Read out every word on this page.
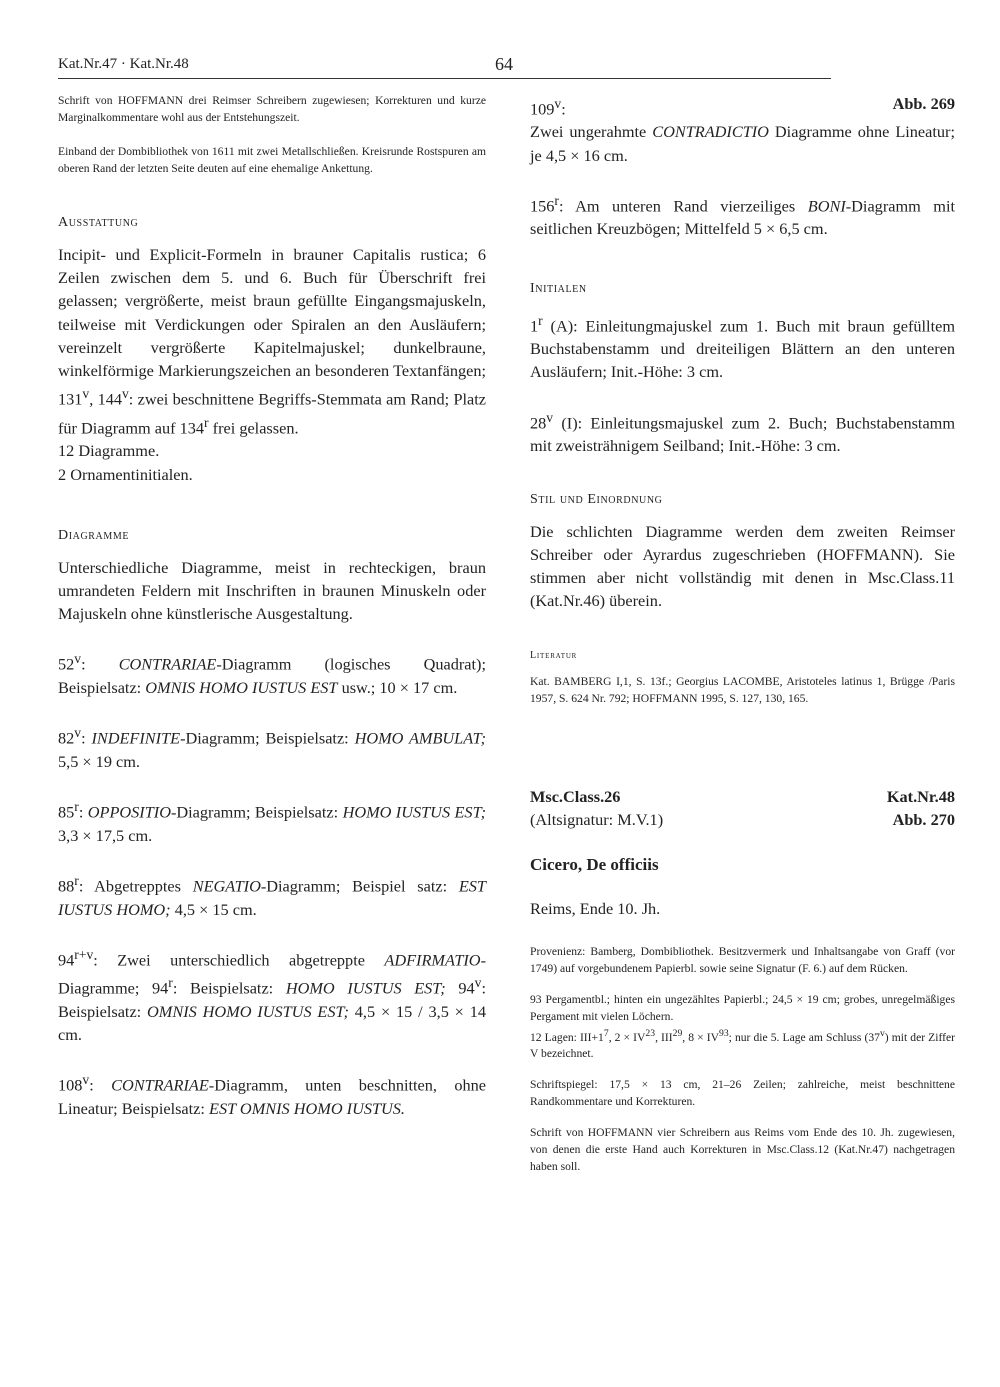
Kat.Nr.47 · Kat.Nr.48	64

Schrift von HOFFMANN drei Reimser Schreibern zugewiesen; Korrekturen und kurze Marginalkommentare wohl aus der Entstehungszeit.

Einband der Dombibliothek von 1611 mit zwei Metallschließen. Kreisrunde Rostspuren am oberen Rand der letzten Seite deuten auf eine ehemalige Ankettung.

Ausstattung

Incipit- und Explicit-Formeln in brauner Capitalis rustica; 6 Zeilen zwischen dem 5. und 6. Buch für Überschrift frei gelassen; vergrößerte, meist braun gefüllte Eingangsmajuskeln, teilweise mit Verdickungen oder Spiralen an den Ausläufern; vereinzelt vergrößerte Kapitelmajuskel; dunkelbraune, winkelförmige Markierungszeichen an besonderen Textanfängen; 131$^v$, 144$^v$: zwei beschnittene Begriffs-Stemmata am Rand; Platz für Diagramm auf 134$^r$ frei gelassen.

12 Diagramme.

2 Ornamentinitialen.

Diagramme

Unterschiedliche Diagramme, meist in rechteckigen, braun umrandeten Feldern mit Inschriften in braunen Minuskeln oder Majuskeln ohne künstlerische Ausgestaltung.

52$^v$: CONTRARIAE-Diagramm (logisches Quadrat); Beispielsatz: OMNIS HOMO IUSTUS EST usw.; 10 × 17 cm.

82$^v$: INDEFINITE-Diagramm; Beispielsatz: HOMO AMBULAT; 5,5 × 19 cm.

85$^r$: OPPOSITIO-Diagramm; Beispielsatz: HOMO IUSTUS EST; 3,3 × 17,5 cm.

88$^r$: Abgetrepptes NEGATIO-Diagramm; Beispiel satz: EST IUSTUS HOMO; 4,5 × 15 cm.

$94^{r+v}$: Zwei unterschiedlich abgetreppte ADFIRMATIO-Diagramme; 94$^r$: Beispielsatz: HOMO IUSTUS EST; 94$^v$: Beispielsatz: OMNIS HOMO IUSTUS EST; 4,5 × 15 / 3,5 × 14 cm.

108$^v$: CONTRARIAE-Diagramm, unten beschnitten, ohne Lineatur; Beispielsatz: EST OMNIS HOMO IUSTUS.

109$^v$:	Abb. 269

Zwei ungerahmte CONTRADICTIO Diagramme ohne Lineatur; je 4,5 × 16 cm.

156$^r$: Am unteren Rand vierzeiliges BONI-Diagramm mit seitlichen Kreuzbögen; Mittelfeld 5 × 6,5 cm.

Initialen

1$^r$ (A): Einleitungmajuskel zum 1. Buch mit braun gefülltem Buchstabenstamm und dreiteiligen Blättern an den unteren Ausläufern; Init.-Höhe: 3 cm.

28$^v$ (I): Einleitungsmajuskel zum 2. Buch; Buchstabenstamm mit zweisträhnigem Seilband; Init.-Höhe: 3 cm.

Stil und Einordnung

Die schlichten Diagramme werden dem zweiten Reimser Schreiber oder Ayrardus zugeschrieben (HOFFMANN). Sie stimmen aber nicht vollständig mit denen in Msc.Class.11 (Kat.Nr.46) überein.

Literatur

Kat. BAMBERG I,1, S. 13f.; Georgius LACOMBE, Aristoteles latinus 1, Brügge /Paris 1957, S. 624 Nr. 792; HOFFMANN 1995, S. 127, 130, 165.

Msc.Class.26	Kat.Nr.48
(Altsignatur: M.V.1)	Abb. 270

Cicero, De officiis

Reims, Ende 10. Jh.

Provenienz: Bamberg, Dombibliothek. Besitzvermerk und Inhaltsangabe von Graff (vor 1749) auf vorgebundenem Papierbl. sowie seine Signatur (F. 6.) auf dem Rücken.

93 Pergamentbl.; hinten ein ungezähltes Papierbl.; 24,5 × 19 cm; grobes, unregelmäßiges Pergament mit vielen Löchern.

12 Lagen: $III+1^7$, $2 \times IV^{23}$, III$^{29}$, $8 \times IV^{93}$; nur die 5. Lage am Schluss (37$^v$) mit der Ziffer V bezeichnet.

Schriftspiegel: 17,5 × 13 cm, 21–26 Zeilen; zahlreiche, meist beschnittene Randkommentare und Korrekturen.

Schrift von HOFFMANN vier Schreibern aus Reims vom Ende des 10. Jh. zugewiesen, von denen die erste Hand auch Korrekturen in Msc.Class.12 (Kat.Nr.47) nachgetragen haben soll.
